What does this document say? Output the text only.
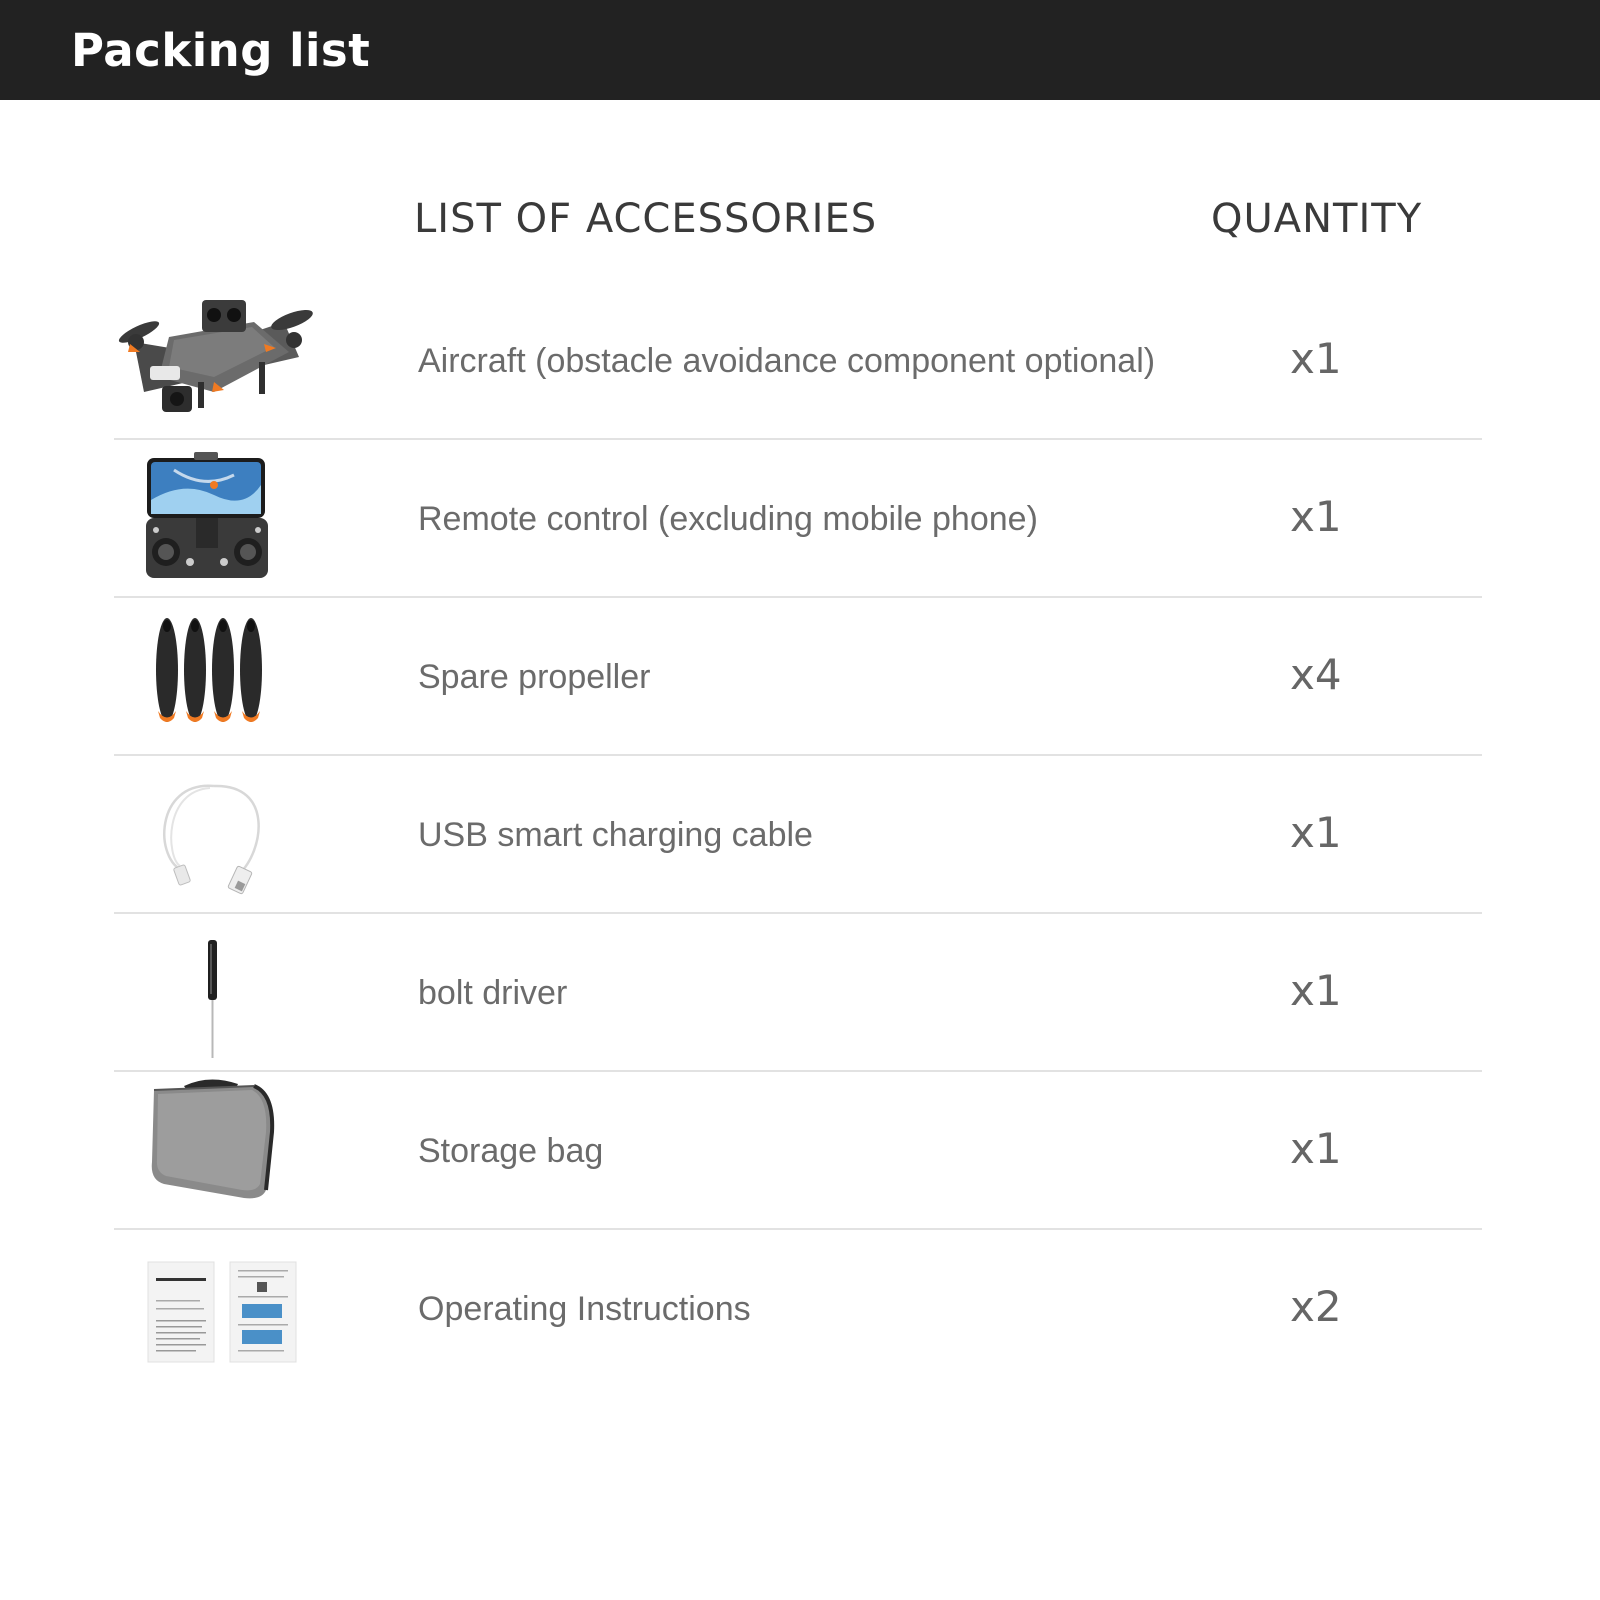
Packing list
LIST OF ACCESSORIES	QUANTITY
Aircraft (obstacle avoidance component optional)	x1
Remote control (excluding mobile phone)	x1
Spare propeller	x4
USB smart charging cable	x1
bolt driver	x1
Storage bag	x1
Operating Instructions	x2
